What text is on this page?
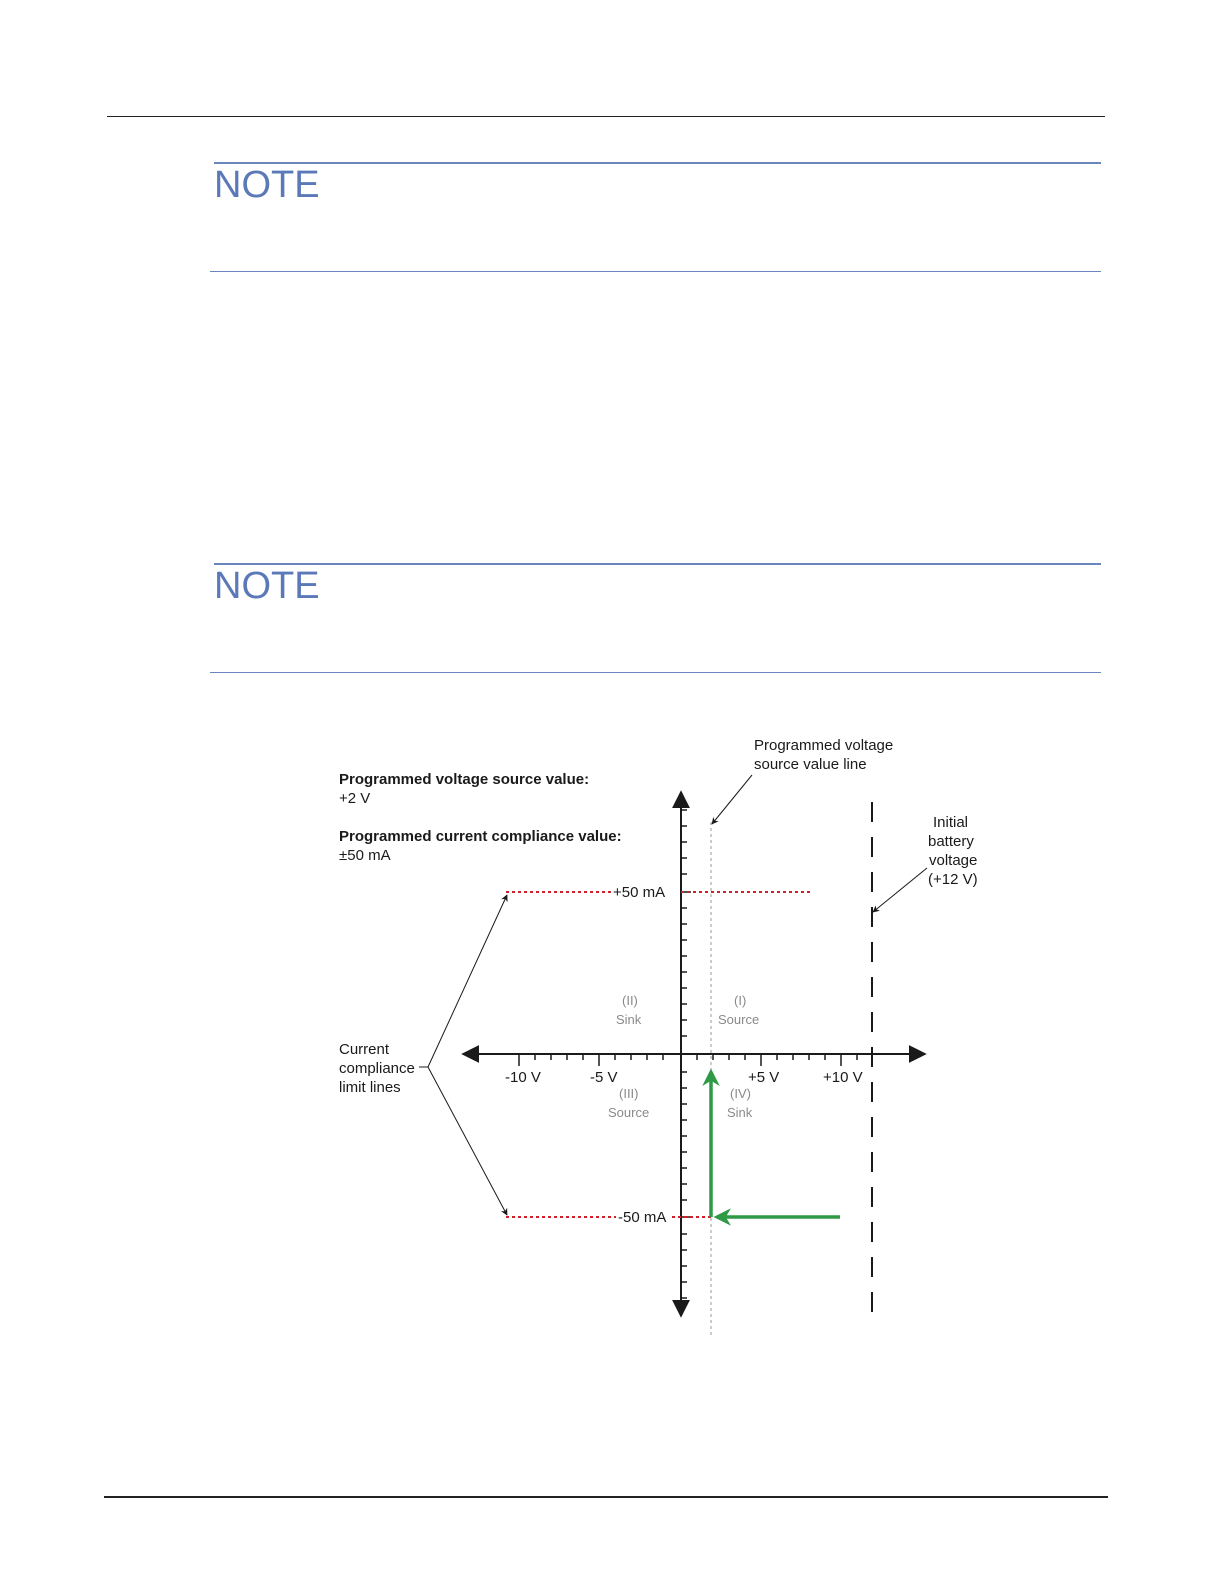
NOTE
NOTE
Programmed voltage source value:
+2 V
Programmed current compliance value:
±50 mA
Programmed voltage
source value line
Initial
battery
voltage
(+12 V)
Current
compliance
limit lines
+50 mA
-50 mA
-10 V	-5 V	+5 V	+10 V
(I)
Source
(II)
Sink
(III)
Source
(IV)
Sink
